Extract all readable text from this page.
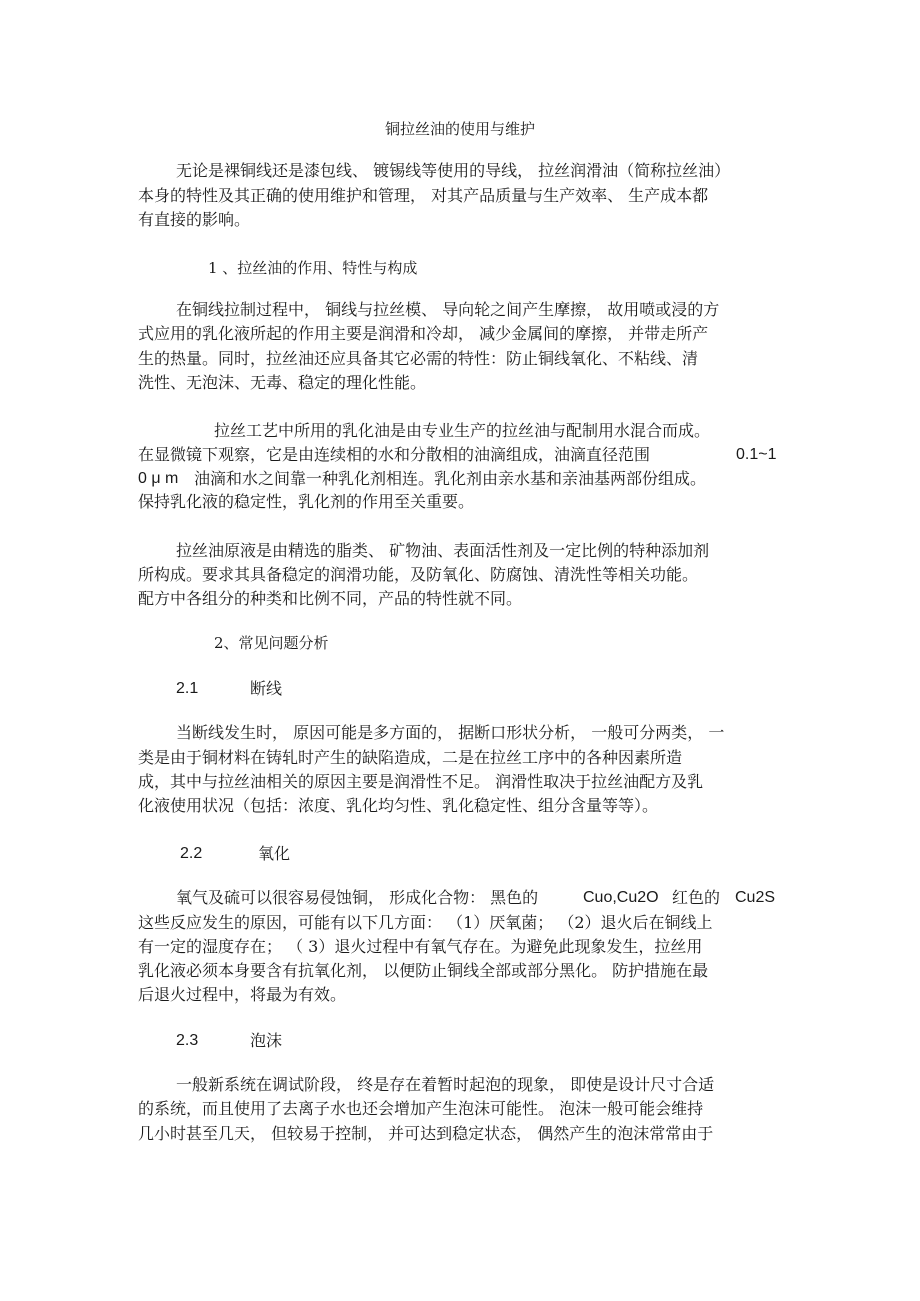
铜拉丝油的使用与维护
无论是裸铜线还是漆包线、 镀锡线等使用的导线， 拉丝润滑油（简称拉丝油）
本身的特性及其正确的使用维护和管理， 对其产品质量与生产效率、 生产成本都
有直接的影响。
1 、拉丝油的作用、特性与构成
在铜线拉制过程中， 铜线与拉丝模、 导向轮之间产生摩擦， 故用喷或浸的方
式应用的乳化液所起的作用主要是润滑和冷却， 减少金属间的摩擦， 并带走所产
生的热量。同时，拉丝油还应具备其它必需的特性：防止铜线氧化、不粘线、清
洗性、无泡沫、无毒、稳定的理化性能。
拉丝工艺中所用的乳化油是由专业生产的拉丝油与配制用水混合而成。
在显微镜下观察，它是由连续相的水和分散相的油滴组成，油滴直径范围	0.1~1
0 μ m 油滴和水之间靠一种乳化剂相连。乳化剂由亲水基和亲油基两部份组成。
保持乳化液的稳定性，乳化剂的作用至关重要。
拉丝油原液是由精选的脂类、 矿物油、表面活性剂及一定比例的特种添加剂
所构成。要求其具备稳定的润滑功能，及防氧化、防腐蚀、清洗性等相关功能。
配方中各组分的种类和比例不同，产品的特性就不同。
2、常见问题分析
2.1	断线
当断线发生时， 原因可能是多方面的， 据断口形状分析， 一般可分两类， 一
类是由于铜材料在铸轧时产生的缺陷造成，二是在拉丝工序中的各种因素所造
成，其中与拉丝油相关的原因主要是润滑性不足。 润滑性取决于拉丝油配方及乳
化液使用状况（包括：浓度、乳化均匀性、乳化稳定性、组分含量等等）。
2.2	氧化
氧气及硫可以很容易侵蚀铜， 形成化合物： 黑色的	Cuo,Cu2O 红色的 Cu2S
这些反应发生的原因，可能有以下几方面： （1）厌氧菌； （2）退火后在铜线上
有一定的湿度存在； （ 3）退火过程中有氧气存在。为避免此现象发生，拉丝用
乳化液必须本身要含有抗氧化剂， 以便防止铜线全部或部分黑化。 防护措施在最
后退火过程中，将最为有效。
2.3	泡沫
一般新系统在调试阶段， 终是存在着暂时起泡的现象， 即使是设计尺寸合适
的系统，而且使用了去离子水也还会增加产生泡沫可能性。 泡沫一般可能会维持
几小时甚至几天， 但较易于控制， 并可达到稳定状态， 偶然产生的泡沫常常由于
